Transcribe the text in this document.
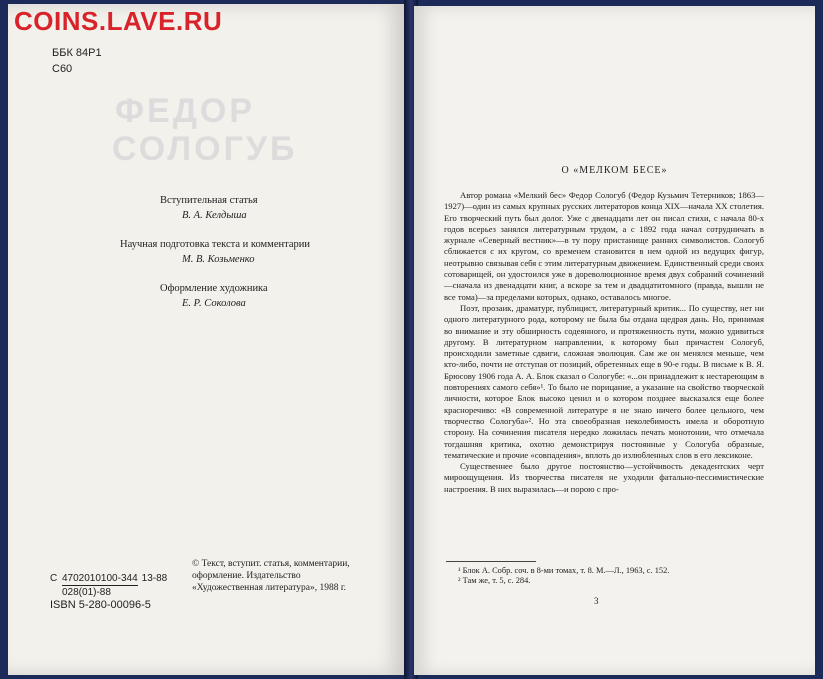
COINS.LAVE.RU
ФЕДОР
СОЛОГУБ
ББК 84Р1
С60
Вступительная статья
В. А. Келдыша
Научная подготовка текста и комментарии
М. В. Козьменко
Оформление художника
Е. Р. Соколова
С 4702010100-344 13-88
028(01)-88
ISBN 5-280-00096-5
© Текст, вступит. статья, комментарии, оформление. Издательство «Художественная литература», 1988 г.
О «МЕЛКОМ БЕСЕ»

Автор романа «Мелкий бес» Федор Сологуб (Федор Кузьмич Тетерников; 1863—1927)—один из самых крупных русских литераторов конца XIX—начала XX столетия. Его творческий путь был долог. Уже с двенадцати лет он писал стихи, с начала 80-х годов всерьез занялся литературным трудом, а с 1892 года начал сотрудничать в журнале «Северный вестник»—в ту пору пристанище ранних символистов. Сологуб сближается с их кругом, со временем становится в нем одной из ведущих фигур, неотрывно связывая себя с этим литературным движением. Единственный среди своих сотоварищей, он удостоился уже в дореволюционное время двух собраний сочинений—сначала из двенадцати книг, а вскоре за тем и двадцатитомного (правда, вышли не все тома)—за пределами которых, однако, оставалось многое.

Поэт, прозаик, драматург, публицист, литературный критик... По существу, нет ни одного литературного рода, которому не была бы отдана щедрая дань. Но, принимая во внимание и эту обширность содеянного, и протяженность пути, можно удивиться другому. В литературном направлении, к которому был причастен Сологуб, происходили заметные сдвиги, сложная эволюция. Сам же он менялся меньше, чем кто-либо, почти не отступая от позиций, обретенных еще в 90-е годы. В письме к В. Я. Брюсову 1906 года А. А. Блок сказал о Сологубе: «...он принадлежит к нестареющим в повторениях самого себя»¹. То было не порицание, а указание на свойство творческой личности, которое Блок высоко ценил и о котором позднее высказался еще более красноречиво: «В современной литературе я не знаю ничего более цельного, чем творчество Сологуба»². Но эта своеобразная неколебимость имела и оборотную сторону. На сочинения писателя нередко ложилась печать монотонии, что отмечала тогдашняя критика, охотно демонстрируя постоянные у Сологуба образные, тематические и прочие «совпадения», вплоть до излюбленных слов в его лексиконе.

Существеннее было другое постоянство—устойчивость декадентских черт мироощущения. Из творчества писателя не уходили фатально-пессимистические настроения. В них выразилась—и порою с про-

¹ Блок А. Собр. соч. в 8-ми томах, т. 8. М.—Л., 1963, с. 152.
² Там же, т. 5, с. 284.
3
